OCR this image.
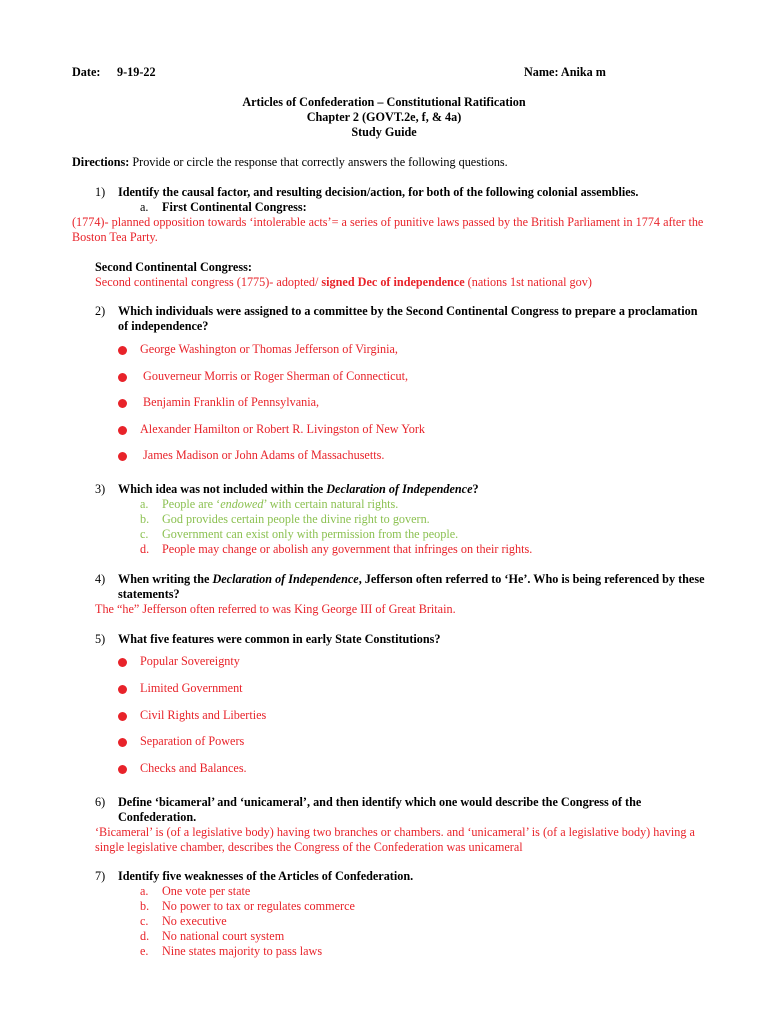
Date: 9-19-22	Name: Anika m
Articles of Confederation – Constitutional Ratification
Chapter 2 (GOVT.2e, f, & 4a)
Study Guide
Directions: Provide or circle the response that correctly answers the following questions.
1) Identify the causal factor, and resulting decision/action, for both of the following colonial assemblies.
a. First Continental Congress:
(1774)- planned opposition towards ‘intolerable acts’= a series of punitive laws passed by the British Parliament in 1774 after the Boston Tea Party.
Second Continental Congress:
Second continental congress (1775)- adopted/ signed Dec of independence (nations 1st national gov)
2) Which individuals were assigned to a committee by the Second Continental Congress to prepare a proclamation of independence?
George Washington or Thomas Jefferson of Virginia,
Gouverneur Morris or Roger Sherman of Connecticut,
Benjamin Franklin of Pennsylvania,
Alexander Hamilton or Robert R. Livingston of New York
James Madison or John Adams of Massachusetts.
3) Which idea was not included within the Declaration of Independence?
a. People are ‘endowed’ with certain natural rights.
b. God provides certain people the divine right to govern.
c. Government can exist only with permission from the people.
d. People may change or abolish any government that infringes on their rights.
4) When writing the Declaration of Independence, Jefferson often referred to ‘He’. Who is being referenced by these statements?
The “he” Jefferson often referred to was King George III of Great Britain.
5) What five features were common in early State Constitutions?
Popular Sovereignty
Limited Government
Civil Rights and Liberties
Separation of Powers
Checks and Balances.
6) Define ‘bicameral’ and ‘unicameral’, and then identify which one would describe the Congress of the Confederation.
‘Bicameral’ is (of a legislative body) having two branches or chambers. and ‘unicameral’ is (of a legislative body) having a single legislative chamber, describes the Congress of the Confederation was unicameral
7) Identify five weaknesses of the Articles of Confederation.
a. One vote per state
b. No power to tax or regulates commerce
c. No executive
d. No national court system
e. Nine states majority to pass laws
